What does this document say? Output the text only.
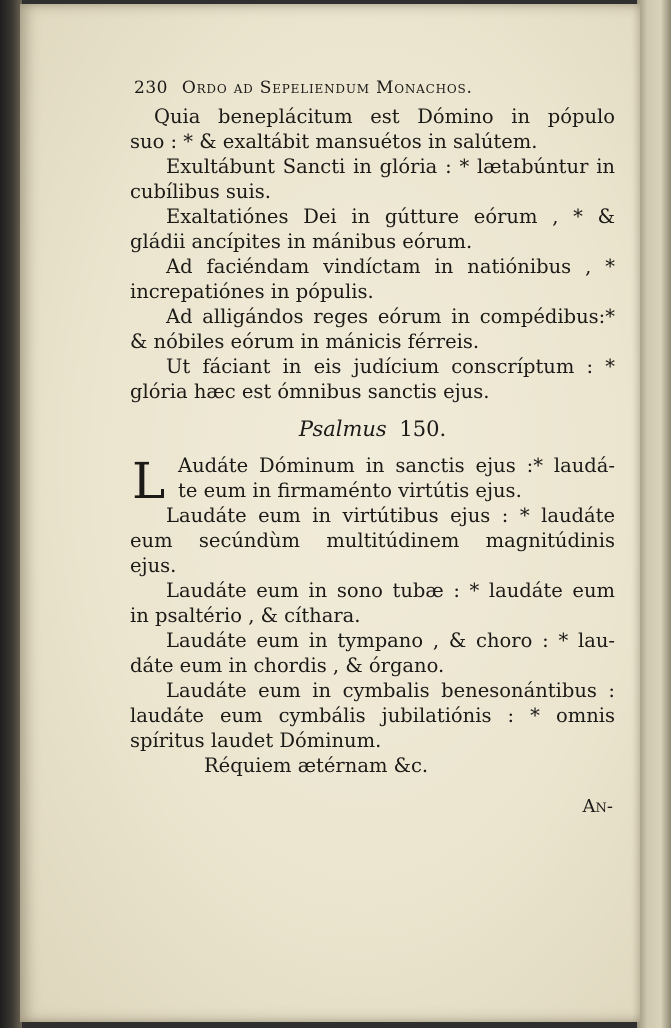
230 Ordo ad Sepeliendum Monachos.
Quia beneplácitum est Dómino in pópulo
suo : * & exaltábit mansuétos in salútem.
Exultábunt Sancti in glória : * lætabúntur in
cubílibus suis.
Exaltatiónes Dei in gútture eórum , * &
gládii ancípites in mánibus eórum.
Ad faciéndam vindíctam in natiónibus , *
increpatiónes in pópulis.
Ad alligándos reges eórum in compédibus:*
& nóbiles eórum in mánicis férreis.
Ut fáciant in eis judícium conscríptum : *
glória hæc est ómnibus sanctis ejus.
Psalmus 150.
L Audáte Dóminum in sanctis ejus :* laudá-
te eum in firmaménto virtútis ejus.
Laudáte eum in virtútibus ejus : * laudáte
eum secúndùm multitúdinem magnitúdinis
ejus.
Laudáte eum in sono tubæ : * laudáte eum
in psaltério , & cíthara.
Laudáte eum in tympano , & choro : * lau-
dáte eum in chordis , & órgano.
Laudáte eum in cymbalis benesonántibus :
laudáte eum cymbális jubilatiónis : * omnis
spíritus laudet Dóminum.
Réquiem ætérnam &c.
An-
